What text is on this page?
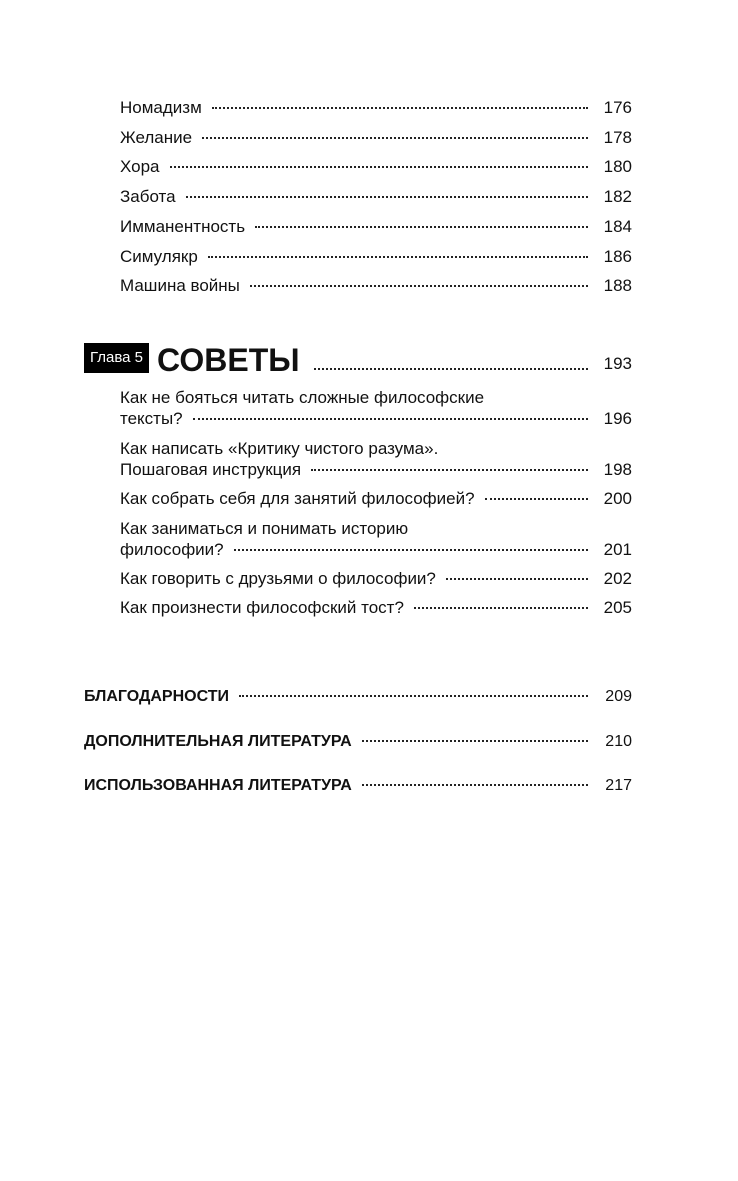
Номадизм	176
Желание	178
Хора	180
Забота	182
Имманентность	184
Симулякр	186
Машина войны	188
Глава 5 СОВЕТЫ	193
Как не бояться читать сложные философские
тексты?	196
Как написать «Критику чистого разума».
Пошаговая инструкция	198
Как собрать себя для занятий философией?	200
Как заниматься и понимать историю
философии?	201
Как говорить с друзьями о философии?	202
Как произнести философский тост?	205
БЛАГОДАРНОСТИ	209
ДОПОЛНИТЕЛЬНАЯ ЛИТЕРАТУРА	210
ИСПОЛЬЗОВАННАЯ ЛИТЕРАТУРА	217
